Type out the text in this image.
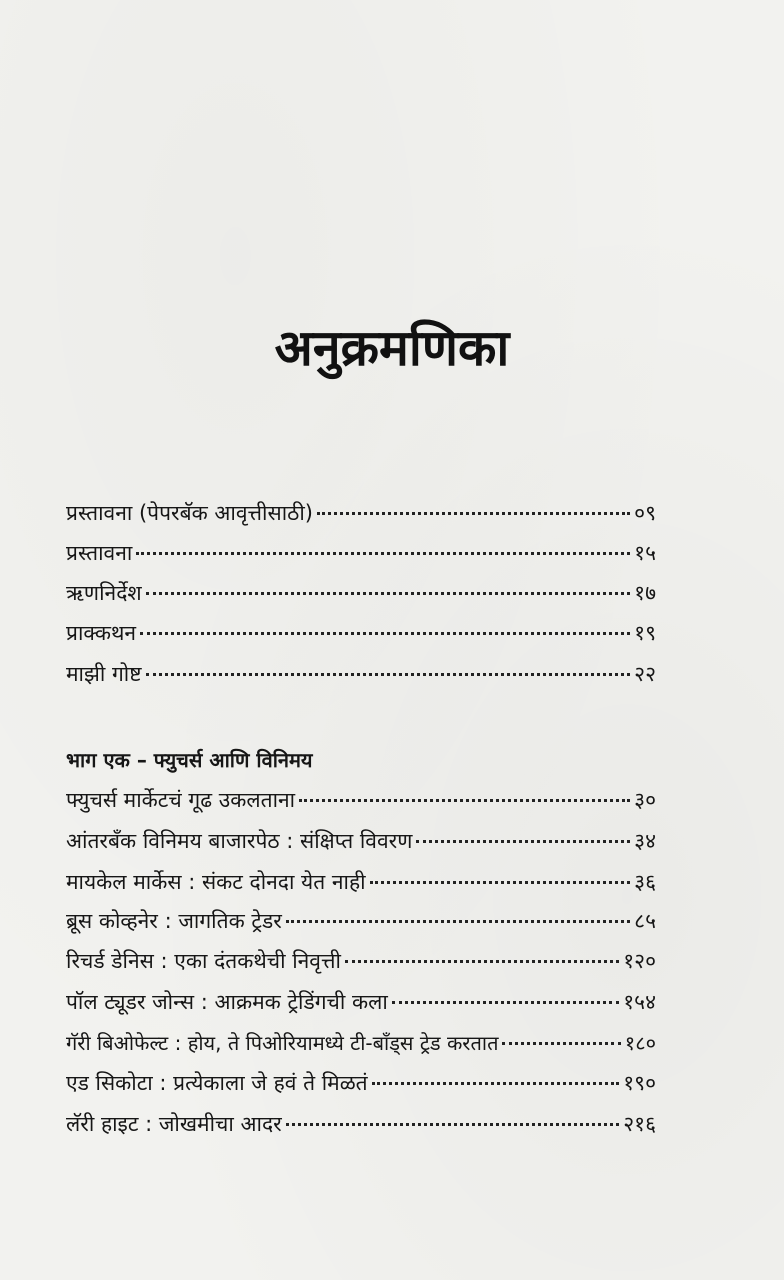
अनुक्रमणिका
प्रस्तावना (पेपरबॅक आवृत्तीसाठी)	०९
प्रस्तावना	१५
ऋणनिर्देश	१७
प्राक्कथन	१९
माझी गोष्ट	२२
भाग एक – फ्युचर्स आणि विनिमय
फ्युचर्स मार्केटचं गूढ उकलताना	३०
आंतरबँक विनिमय बाजारपेठ : संक्षिप्त विवरण	३४
मायकेल मार्केस : संकट दोनदा येत नाही	३६
ब्रूस कोव्हनेर : जागतिक ट्रेडर	८५
रिचर्ड डेनिस : एका दंतकथेची निवृत्ती	१२०
पॉल ट्यूडर जोन्स : आक्रमक ट्रेडिंगची कला	१५४
गॅरी बिओफेल्ट : होय, ते पिओरियामध्ये टी-बॉंड्स ट्रेड करतात	१८०
एड सिकोटा : प्रत्येकाला जे हवं ते मिळतं	१९०
लॅरी हाइट : जोखमीचा आदर	२१६
